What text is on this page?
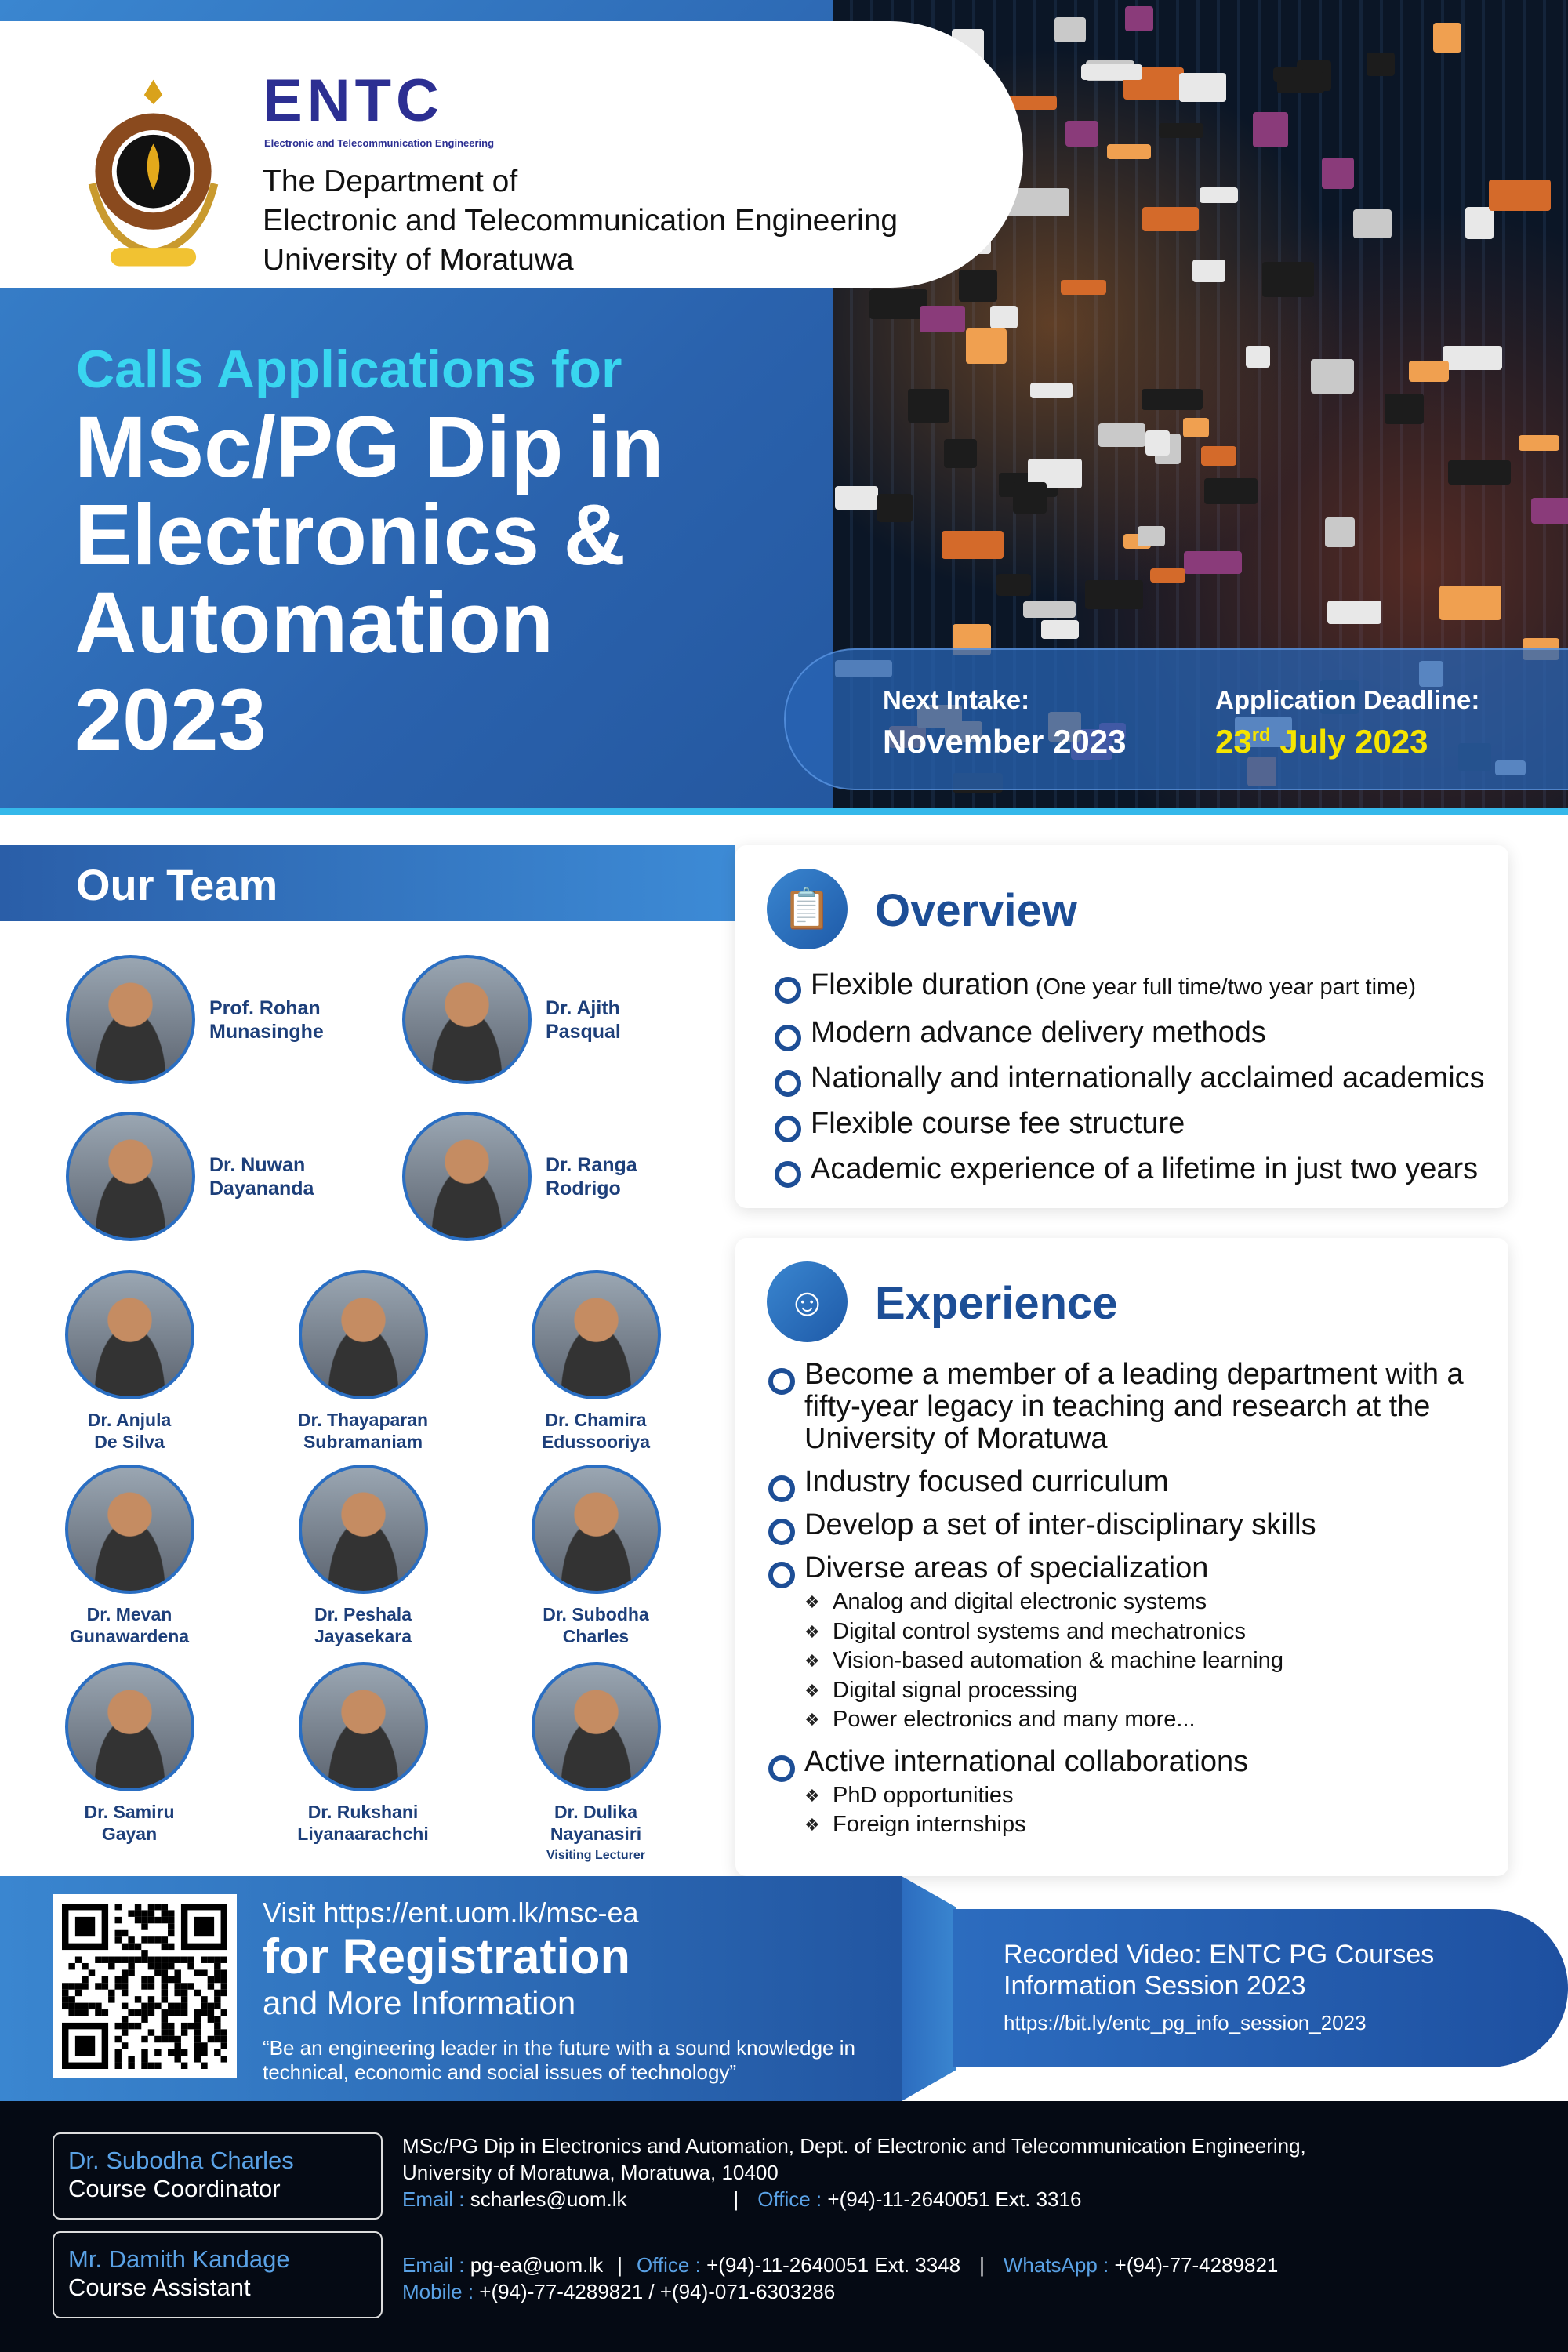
ENTC
Electronic and Telecommunication Engineering
The Department of
Electronic and Telecommunication Engineering
University of Moratuwa
Calls Applications for
MSc/PG Dip in
Electronics &
Automation
2023	Next Intake:
November 2023
Application Deadline:
23rd July 2023
Our Team
Prof. Rohan
Munasinghe
Dr. Ajith
Pasqual
Dr. Nuwan
Dayananda
Dr. Ranga
Rodrigo
Dr. Anjula
De Silva
Dr. Thayaparan
Subramaniam
Dr. Chamira
Edussooriya
Dr. Mevan
Gunawardena
Dr. Peshala
Jayasekara
Dr. Subodha
Charles
Dr. Samiru
Gayan
Dr. Rukshani
Liyanaarachchi
Dr. Dulika
Nayanasiri
Visiting Lecturer
📋 Overview
Flexible duration (One year full time/two year part time)
Modern advance delivery methods
Nationally and internationally acclaimed academics
Flexible course fee structure
Academic experience of a lifetime in just two years
☺	Experience
Become a member of a leading department with a fifty-year legacy in teaching and research at the University of Moratuwa
Industry focused curriculum
Develop a set of inter-disciplinary skills
Diverse areas of specialization
❖ Analog and digital electronic systems
❖ Digital control systems and mechatronics
❖ Vision-based automation & machine learning
❖ Digital signal processing
❖ Power electronics and many more...
Active international collaborations
❖ PhD opportunities
❖ Foreign internships
Visit https://ent.uom.lk/msc-ea
for Registration
and More Information
“Be an engineering leader in the future with a sound knowledge in technical, economic and social issues of technology”
Recorded Video: ENTC PG Courses
Information Session 2023
https://bit.ly/entc_pg_info_session_2023
Dr. Subodha Charles
Course Coordinator
Mr. Damith Kandage
Course Assistant
MSc/PG Dip in Electronics and Automation, Dept. of Electronic and Telecommunication Engineering,
University of Moratuwa, Moratuwa, 10400
Email : scharles@uom.lk	| Office : +(94)-11-2640051 Ext. 3316
Email : pg-ea@uom.lk | Office : +(94)-11-2640051 Ext. 3348 | WhatsApp : +(94)-77-4289821
Mobile : +(94)-77-4289821 / +(94)-071-6303286
